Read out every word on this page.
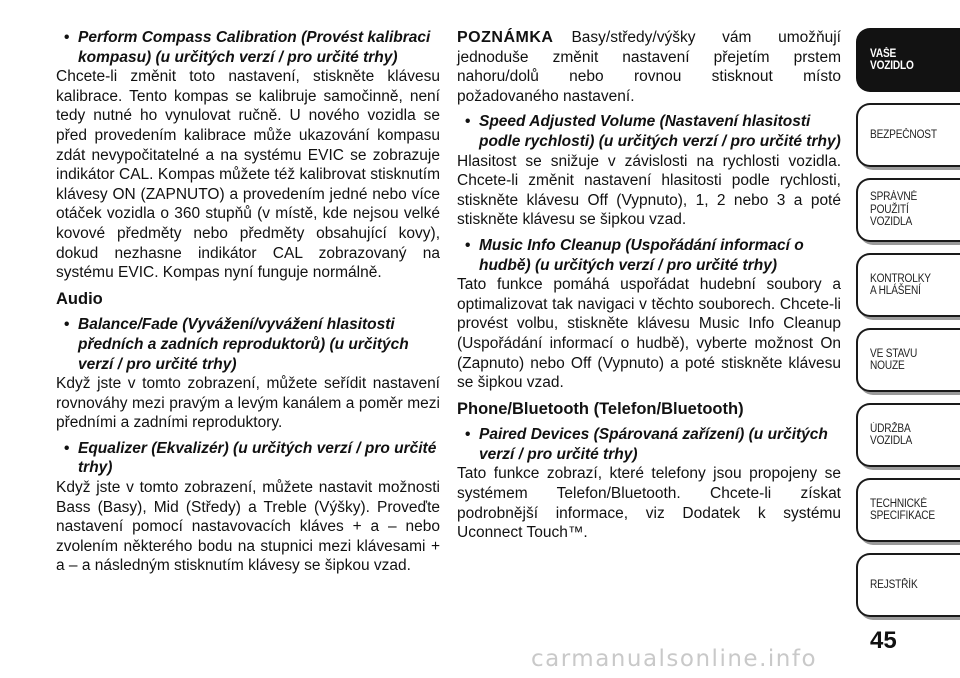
• Perform Compass Calibration (Provést kalibraci kompasu) (u určitých verzí / pro určité trhy)

Chcete-li změnit toto nastavení, stiskněte klávesu kalibrace. Tento kompas se kalibruje samočinně, není tedy nutné ho vynulovat ručně. U nového vozidla se před provedením kalibrace může ukazování kompasu zdát nevypočitatelné a na systému EVIC se zobrazuje indikátor CAL. Kompas můžete též kalibrovat stisknutím klávesy ON (ZAPNUTO) a provedením jedné nebo více otáček vozidla o 360 stupňů (v místě, kde nejsou velké kovové předměty nebo předměty obsahující kovy), dokud nezhasne indikátor CAL zobrazovaný na systému EVIC. Kompas nyní funguje normálně.

Audio

• Balance/Fade (Vyvážení/vyvážení hlasitosti předních a zadních reproduktorů) (u určitých verzí / pro určité trhy)

Když jste v tomto zobrazení, můžete seřídit nastavení rovnováhy mezi pravým a levým kanálem a poměr mezi předními a zadními reproduktory.

• Equalizer (Ekvalizér) (u určitých verzí / pro určité trhy)

Když jste v tomto zobrazení, můžete nastavit možnosti Bass (Basy), Mid (Středy) a Treble (Výšky). Proveďte nastavení pomocí nastavovacích kláves + a – nebo zvolením některého bodu na stupnici mezi klávesami + a – a následným stisknutím klávesy se šipkou vzad.

POZNÁMKA Basy/středy/výšky vám umožňují jednoduše změnit nastavení přejetím prstem nahoru/dolů nebo rovnou stisknout místo požadovaného nastavení.

• Speed Adjusted Volume (Nastavení hlasitosti podle rychlosti) (u určitých verzí / pro určité trhy)

Hlasitost se snižuje v závislosti na rychlosti vozidla. Chcete-li změnit nastavení hlasitosti podle rychlosti, stiskněte klávesu Off (Vypnuto), 1, 2 nebo 3 a poté stiskněte klávesu se šipkou vzad.

• Music Info Cleanup (Uspořádání informací o hudbě) (u určitých verzí / pro určité trhy)

Tato funkce pomáhá uspořádat hudební soubory a optimalizovat tak navigaci v těchto souborech. Chcete-li provést volbu, stiskněte klávesu Music Info Cleanup (Uspořádání informací o hudbě), vyberte možnost On (Zapnuto) nebo Off (Vypnuto) a poté stiskněte klávesu se šipkou vzad.

Phone/Bluetooth (Telefon/Bluetooth)

• Paired Devices (Spárovaná zařízení) (u určitých verzí / pro určité trhy)

Tato funkce zobrazí, které telefony jsou propojeny se systémem Telefon/Bluetooth. Chcete-li získat podrobnější informace, viz Dodatek k systému Uconnect Touch™.

VAŠE
VOZIDLO
BEZPEČNOST
SPRÁVNÉ
POUŽITÍ
VOZIDLA
KONTROLKY
A HLÁŠENÍ
VE STAVU
NOUZE
ÚDRŽBA
VOZIDLA
TECHNICKÉ
SPECIFIKACE
REJSTŘÍK
45
carmanualsonline.info
